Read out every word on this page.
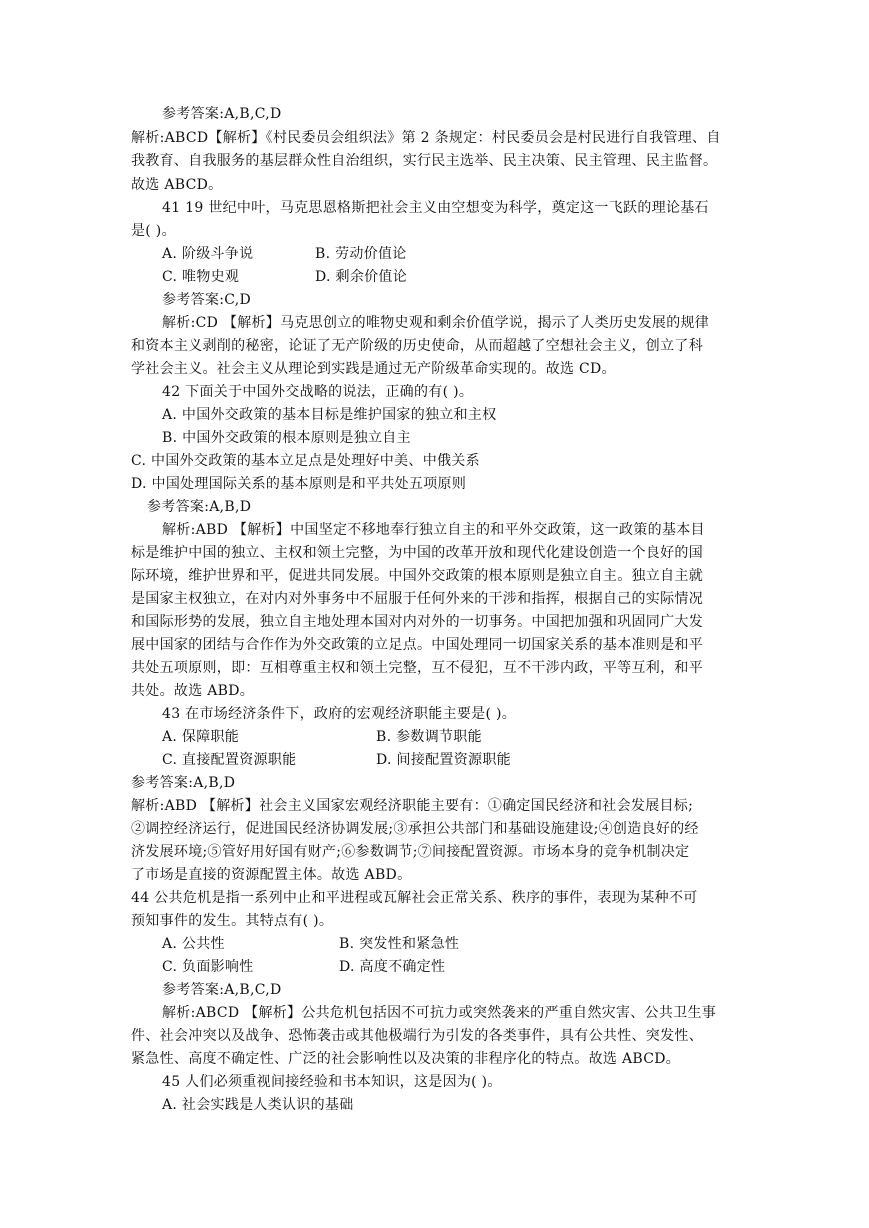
参考答案:A,B,C,D
解析:ABCD【解析】《村民委员会组织法》第 2 条规定：村民委员会是村民进行自我管理、自
我教育、自我服务的基层群众性自治组织，实行民主选举、民主决策、民主管理、民主监督。
故选 ABCD。
41 19 世纪中叶，马克思恩格斯把社会主义由空想变为科学，奠定这一飞跃的理论基石
是( )。
A. 阶级斗争说	B. 劳动价值论
C. 唯物史观	D. 剩余价值论
参考答案:C,D
解析:CD 【解析】马克思创立的唯物史观和剩余价值学说，揭示了人类历史发展的规律
和资本主义剥削的秘密，论证了无产阶级的历史使命，从而超越了空想社会主义，创立了科
学社会主义。社会主义从理论到实践是通过无产阶级革命实现的。故选 CD。
42 下面关于中国外交战略的说法，正确的有( )。
A. 中国外交政策的基本目标是维护国家的独立和主权
B. 中国外交政策的根本原则是独立自主
C. 中国外交政策的基本立足点是处理好中美、中俄关系
D. 中国处理国际关系的基本原则是和平共处五项原则
参考答案:A,B,D
解析:ABD 【解析】中国坚定不移地奉行独立自主的和平外交政策，这一政策的基本目
标是维护中国的独立、主权和领土完整，为中国的改革开放和现代化建设创造一个良好的国
际环境，维护世界和平，促进共同发展。中国外交政策的根本原则是独立自主。独立自主就
是国家主权独立，在对内对外事务中不屈服于任何外来的干涉和指挥，根据自己的实际情况
和国际形势的发展，独立自主地处理本国对内对外的一切事务。中国把加强和巩固同广大发
展中国家的团结与合作作为外交政策的立足点。中国处理同一切国家关系的基本准则是和平
共处五项原则，即：互相尊重主权和领土完整，互不侵犯，互不干涉内政，平等互利，和平
共处。故选 ABD。
43 在市场经济条件下，政府的宏观经济职能主要是( )。
A. 保障职能	B. 参数调节职能
C. 直接配置资源职能	D. 间接配置资源职能
参考答案:A,B,D
解析:ABD 【解析】社会主义国家宏观经济职能主要有：①确定国民经济和社会发展目标;
②调控经济运行，促进国民经济协调发展;③承担公共部门和基础设施建设;④创造良好的经
济发展环境;⑤管好用好国有财产;⑥参数调节;⑦间接配置资源。市场本身的竞争机制决定
了市场是直接的资源配置主体。故选 ABD。
44 公共危机是指一系列中止和平进程或瓦解社会正常关系、秩序的事件，表现为某种不可
预知事件的发生。其特点有( )。
A. 公共性	B. 突发性和紧急性
C. 负面影响性	D. 高度不确定性
参考答案:A,B,C,D
解析:ABCD 【解析】公共危机包括因不可抗力或突然袭来的严重自然灾害、公共卫生事
件、社会冲突以及战争、恐怖袭击或其他极端行为引发的各类事件，具有公共性、突发性、
紧急性、高度不确定性、广泛的社会影响性以及决策的非程序化的特点。故选 ABCD。
45 人们必须重视间接经验和书本知识，这是因为( )。
A. 社会实践是人类认识的基础
